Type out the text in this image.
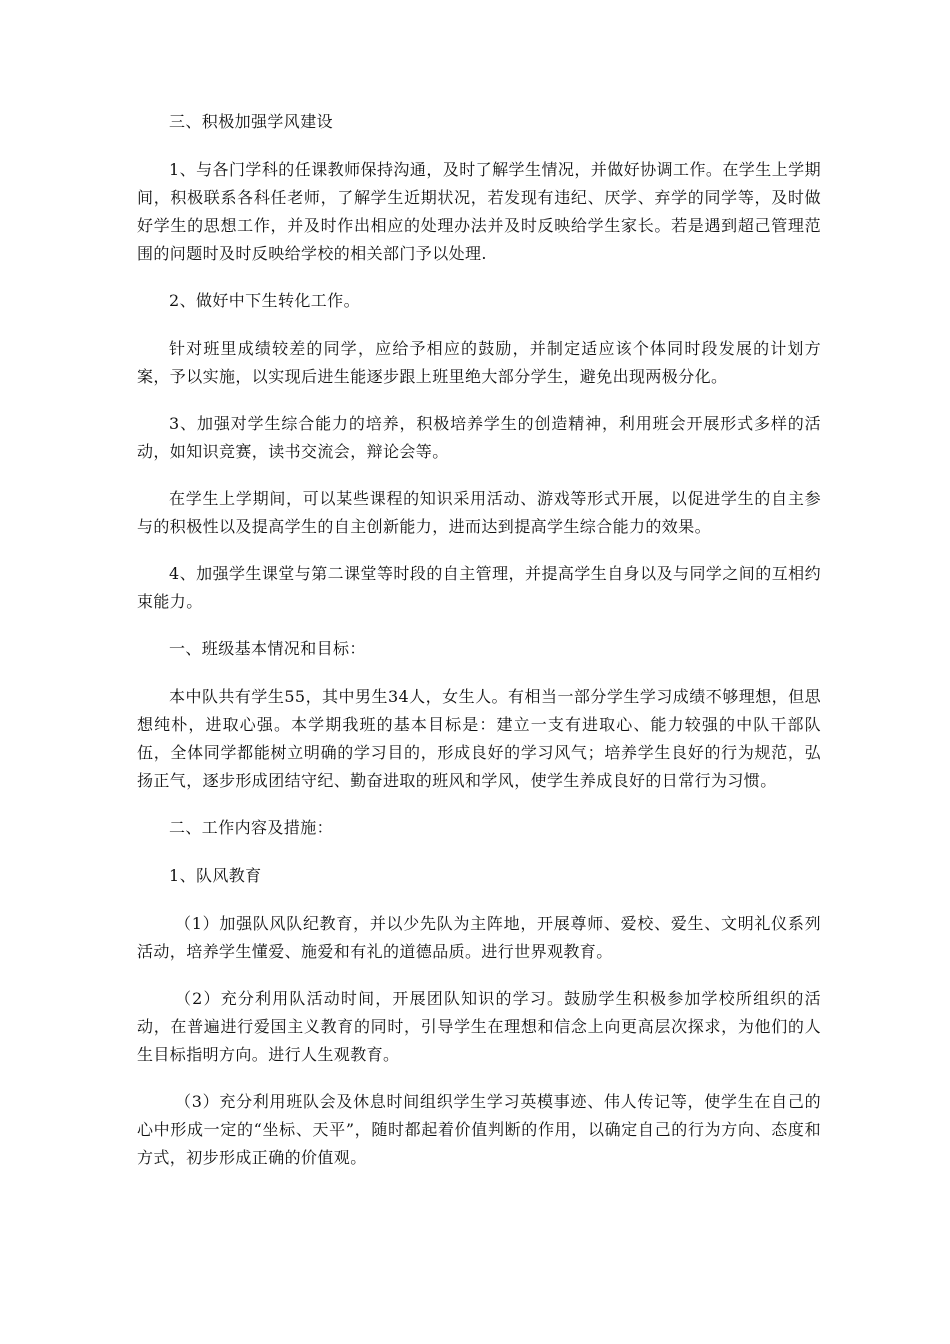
三、积极加强学风建设

1、与各门学科的任课教师保持沟通，及时了解学生情况，并做好协调工作。在学生上学期间，积极联系各科任老师，了解学生近期状况，若发现有违纪、厌学、弃学的同学等，及时做好学生的思想工作，并及时作出相应的处理办法并及时反映给学生家长。若是遇到超己管理范围的问题时及时反映给学校的相关部门予以处理.

2、做好中下生转化工作。

针对班里成绩较差的同学，应给予相应的鼓励，并制定适应该个体同时段发展的计划方案，予以实施，以实现后进生能逐步跟上班里绝大部分学生，避免出现两极分化。

3、加强对学生综合能力的培养，积极培养学生的创造精神，利用班会开展形式多样的活动，如知识竞赛，读书交流会，辩论会等。

在学生上学期间，可以某些课程的知识采用活动、游戏等形式开展，以促进学生的自主参与的积极性以及提高学生的自主创新能力，进而达到提高学生综合能力的效果。

4、加强学生课堂与第二课堂等时段的自主管理，并提高学生自身以及与同学之间的互相约束能力。

一、班级基本情况和目标：

本中队共有学生55，其中男生34人，女生人。有相当一部分学生学习成绩不够理想，但思想纯朴，进取心强。本学期我班的基本目标是：建立一支有进取心、能力较强的中队干部队伍，全体同学都能树立明确的学习目的，形成良好的学习风气；培养学生良好的行为规范，弘扬正气，逐步形成团结守纪、勤奋进取的班风和学风，使学生养成良好的日常行为习惯。

二、工作内容及措施：

1、队风教育

（1）加强队风队纪教育，并以少先队为主阵地，开展尊师、爱校、爱生、文明礼仪系列活动，培养学生懂爱、施爱和有礼的道德品质。进行世界观教育。

（2）充分利用队活动时间，开展团队知识的学习。鼓励学生积极参加学校所组织的活动，在普遍进行爱国主义教育的同时，引导学生在理想和信念上向更高层次探求，为他们的人生目标指明方向。进行人生观教育。

（3）充分利用班队会及休息时间组织学生学习英模事迹、伟人传记等，使学生在自己的心中形成一定的“坐标、天平”，随时都起着价值判断的作用，以确定自己的行为方向、态度和方式，初步形成正确的价值观。
